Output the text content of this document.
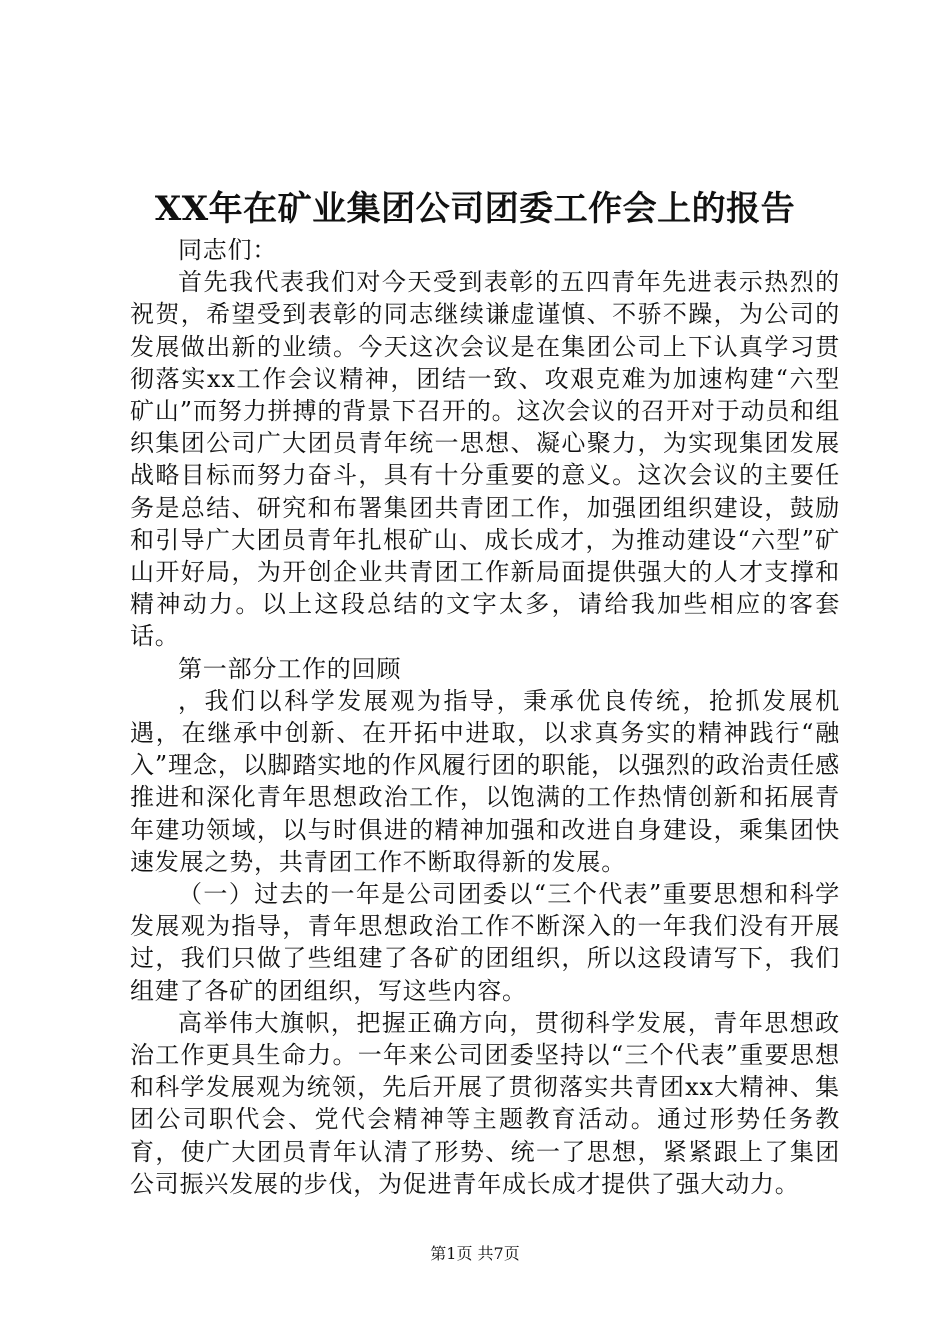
XX年在矿业集团公司团委工作会上的报告

同志们：

首先我代表我们对今天受到表彰的五四青年先进表示热烈的祝贺，希望受到表彰的同志继续谦虚谨慎、不骄不躁，为公司的发展做出新的业绩。今天这次会议是在集团公司上下认真学习贯彻落实xx工作会议精神，团结一致、攻艰克难为加速构建“六型矿山”而努力拼搏的背景下召开的。这次会议的召开对于动员和组织集团公司广大团员青年统一思想、凝心聚力，为实现集团发展战略目标而努力奋斗，具有十分重要的意义。这次会议的主要任务是总结、研究和布署集团共青团工作，加强团组织建设，鼓励和引导广大团员青年扎根矿山、成长成才，为推动建设“六型”矿山开好局，为开创企业共青团工作新局面提供强大的人才支撑和精神动力。以上这段总结的文字太多，请给我加些相应的客套话。

第一部分工作的回顾

，我们以科学发展观为指导，秉承优良传统，抢抓发展机遇，在继承中创新、在开拓中进取，以求真务实的精神践行“融入”理念，以脚踏实地的作风履行团的职能，以强烈的政治责任感推进和深化青年思想政治工作，以饱满的工作热情创新和拓展青年建功领域，以与时俱进的精神加强和改进自身建设，乘集团快速发展之势，共青团工作不断取得新的发展。

（一）过去的一年是公司团委以“三个代表”重要思想和科学发展观为指导，青年思想政治工作不断深入的一年我们没有开展过，我们只做了些组建了各矿的团组织，所以这段请写下，我们组建了各矿的团组织，写这些内容。

高举伟大旗帜，把握正确方向，贯彻科学发展，青年思想政治工作更具生命力。一年来公司团委坚持以“三个代表”重要思想和科学发展观为统领，先后开展了贯彻落实共青团xx大精神、集团公司职代会、党代会精神等主题教育活动。通过形势任务教育，使广大团员青年认清了形势、统一了思想，紧紧跟上了集团公司振兴发展的步伐，为促进青年成长成才提供了强大动力。

第1页 共7页
